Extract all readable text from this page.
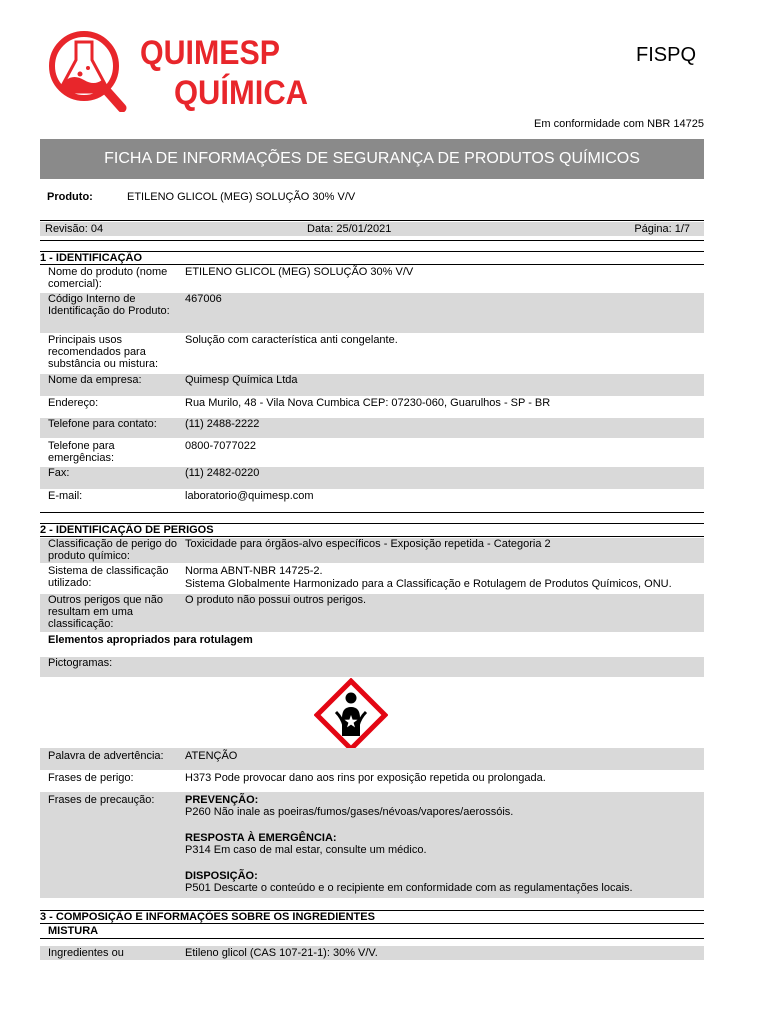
QUIMESP
QUÍMICA
FISPQ
Em conformidade com NBR 14725
FICHA DE INFORMAÇÕES DE SEGURANÇA DE PRODUTOS QUÍMICOS
Produto:	ETILENO GLICOL (MEG) SOLUÇÃO 30% V/V
Revisão: 04	Data: 25/01/2021	Página: 1/7
1 - IDENTIFICAÇÃO
Nome do produto (nome comercial):
ETILENO GLICOL (MEG) SOLUÇÃO 30% V/V
Código Interno de Identificação do Produto:
467006
Principais usos recomendados para substância ou mistura:
Solução com característica anti congelante.
Nome da empresa:	Quimesp Química Ltda
Endereço:	Rua Murilo, 48 - Vila Nova Cumbica CEP: 07230-060, Guarulhos - SP - BR
Telefone para contato:	(11) 2488-2222
Telefone para emergências:
0800-7077022
Fax:	(11) 2482-0220
E-mail:	laboratorio@quimesp.com
2 - IDENTIFICAÇÃO DE PERIGOS
Classificação de perigo do produto químico:
Toxicidade para órgãos-alvo específicos - Exposição repetida - Categoria 2
Sistema de classificação utilizado:
Norma ABNT-NBR 14725-2.
Sistema Globalmente Harmonizado para a Classificação e Rotulagem de Produtos Químicos, ONU.
Outros perigos que não resultam em uma classificação:
O produto não possui outros perigos.
Elementos apropriados para rotulagem
Pictogramas:
Palavra de advertência:	ATENÇÃO
Frases de perigo:	H373 Pode provocar dano aos rins por exposição repetida ou prolongada.
Frases de precaução:	PREVENÇÃO:
P260 Não inale as poeiras/fumos/gases/névoas/vapores/aerossóis.
RESPOSTA À EMERGÊNCIA:
P314 Em caso de mal estar, consulte um médico.
DISPOSIÇÃO:
P501 Descarte o conteúdo e o recipiente em conformidade com as regulamentações locais.
3 - COMPOSIÇÃO E INFORMAÇÕES SOBRE OS INGREDIENTES
MISTURA
Ingredientes ou	Etileno glicol (CAS 107-21-1): 30% V/V.
